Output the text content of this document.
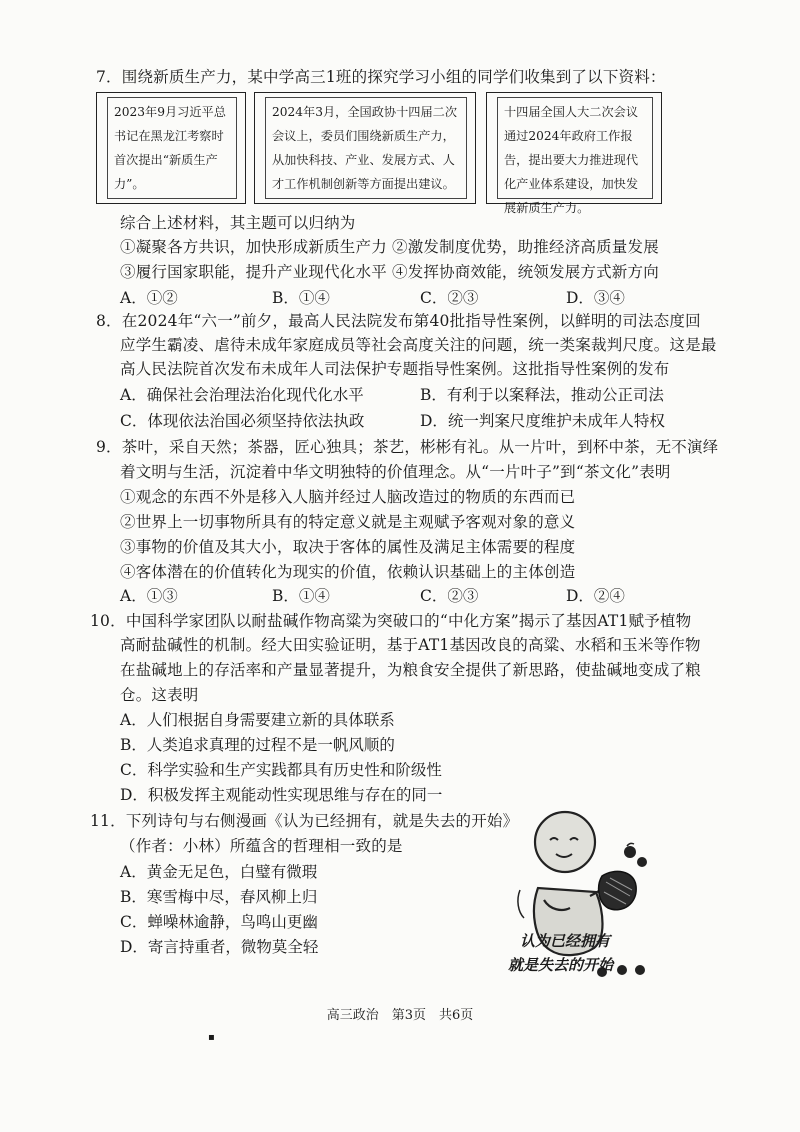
7．围绕新质生产力，某中学高三1班的探究学习小组的同学们收集到了以下资料：
2023年9月习近平总书记在黑龙江考察时首次提出“新质生产力”。
2024年3月，全国政协十四届二次会议上，委员们围绕新质生产力，从加快科技、产业、发展方式、人才工作机制创新等方面提出建议。
十四届全国人大二次会议通过2024年政府工作报告，提出要大力推进现代化产业体系建设，加快发展新质生产力。
综合上述材料，其主题可以归纳为
①凝聚各方共识，加快形成新质生产力 ②激发制度优势，助推经济高质量发展
③履行国家职能，提升产业现代化水平 ④发挥协商效能，统领发展方式新方向
A．①②	B．①④	C．②③	D．③④
8．在2024年“六一”前夕，最高人民法院发布第40批指导性案例，以鲜明的司法态度回
应学生霸凌、虐待未成年家庭成员等社会高度关注的问题，统一类案裁判尺度。这是最
高人民法院首次发布未成年人司法保护专题指导性案例。这批指导性案例的发布
A．确保社会治理法治化现代化水平	B．有利于以案释法，推动公正司法
C．体现依法治国必须坚持依法执政	D．统一判案尺度维护未成年人特权
9．茶叶，采自天然；茶器，匠心独具；茶艺，彬彬有礼。从一片叶，到杯中茶，无不演绎
着文明与生活，沉淀着中华文明独特的价值理念。从“一片叶子”到“茶文化”表明
①观念的东西不外是移入人脑并经过人脑改造过的物质的东西而已
②世界上一切事物所具有的特定意义就是主观赋予客观对象的意义
③事物的价值及其大小，取决于客体的属性及满足主体需要的程度
④客体潜在的价值转化为现实的价值，依赖认识基础上的主体创造
A．①③	B．①④	C．②③	D．②④
10．中国科学家团队以耐盐碱作物高粱为突破口的“中化方案”揭示了基因AT1赋予植物
高耐盐碱性的机制。经大田实验证明，基于AT1基因改良的高粱、水稻和玉米等作物
在盐碱地上的存活率和产量显著提升，为粮食安全提供了新思路，使盐碱地变成了粮
仓。这表明
A．人们根据自身需要建立新的具体联系
B．人类追求真理的过程不是一帆风顺的
C．科学实验和生产实践都具有历史性和阶级性
D．积极发挥主观能动性实现思维与存在的同一
11．下列诗句与右侧漫画《认为已经拥有，就是失去的开始》
（作者：小林）所蕴含的哲理相一致的是
A．黄金无足色，白璧有微瑕
B．寒雪梅中尽，春风柳上归
C．蝉噪林逾静，鸟鸣山更幽
D．寄言持重者，微物莫全轻	认为已经拥有
就是失去的开始
高三政治　第3页　共6页
▪
